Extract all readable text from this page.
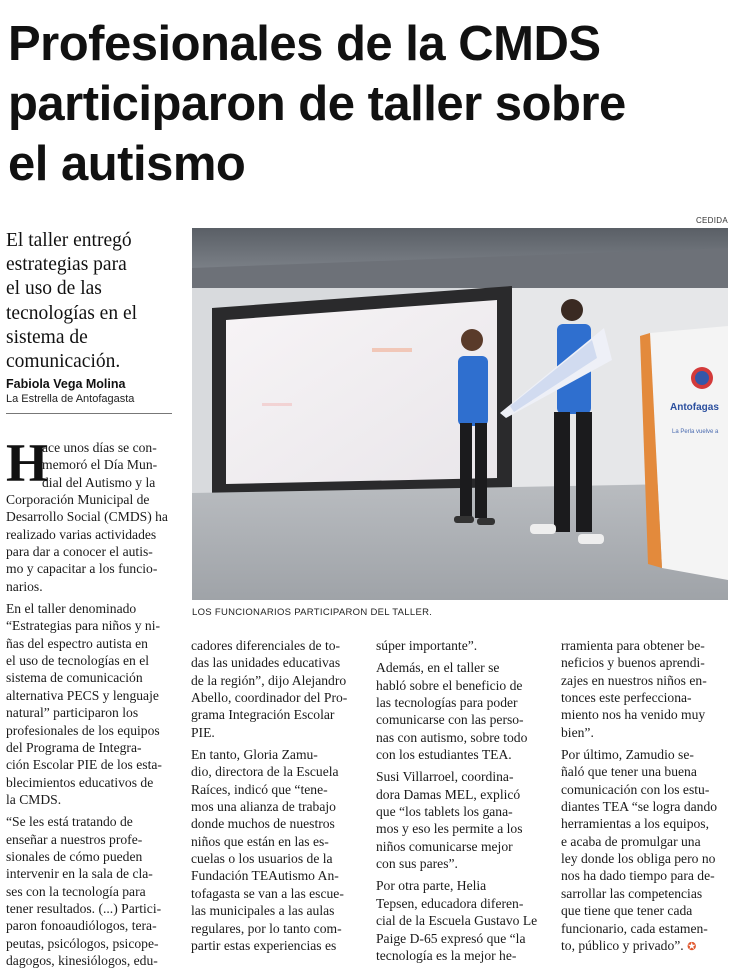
Profesionales de la CMDS
participaron de taller sobre
el autismo
CEDIDA
El taller entregó
estrategias para
el uso de las
tecnologías en el
sistema de
comunicación.
Fabiola Vega Molina
La Estrella de Antofagasta
Antofagas
La Perla vuelve a
LOS FUNCIONARIOS PARTICIPARON DEL TALLER.
H
ace unos días se con-
memoró el Día Mun-
dial del Autismo y la
Corporación Municipal de
Desarrollo Social (CMDS) ha
realizado varias actividades
para dar a conocer el autis-
mo y capacitar a los funcio-
narios.
En el taller denominado
“Estrategias para niños y ni-
ñas del espectro autista en
el uso de tecnologías en el
sistema de comunicación
alternativa PECS y lenguaje
natural” participaron los
profesionales de los equipos
del Programa de Integra-
ción Escolar PIE de los esta-
blecimientos educativos de
la CMDS.
“Se les está tratando de
enseñar a nuestros profe-
sionales de cómo pueden
intervenir en la sala de cla-
ses con la tecnología para
tener resultados. (...) Partici-
paron fonoaudiólogos, tera-
peutas, psicólogos, psicope-
dagogos, kinesiólogos, edu-
cadores diferenciales de to-
das las unidades educativas
de la región”, dijo Alejandro
Abello, coordinador del Pro-
grama Integración Escolar
PIE.
En tanto, Gloria Zamu-
dio, directora de la Escuela
Raíces, indicó que “tene-
mos una alianza de trabajo
donde muchos de nuestros
niños que están en las es-
cuelas o los usuarios de la
Fundación TEAutismo An-
tofagasta se van a las escue-
las municipales a las aulas
regulares, por lo tanto com-
partir estas experiencias es
súper importante”.
Además, en el taller se
habló sobre el beneficio de
las tecnologías para poder
comunicarse con las perso-
nas con autismo, sobre todo
con los estudiantes TEA.
Susi Villarroel, coordina-
dora Damas MEL, explicó
que “los tablets los gana-
mos y eso les permite a los
niños comunicarse mejor
con sus pares”.
Por otra parte, Helia
Tepsen, educadora diferen-
cial de la Escuela Gustavo Le
Paige D-65 expresó que “la
tecnología es la mejor he-
rramienta para obtener be-
neficios y buenos aprendi-
zajes en nuestros niños en-
tonces este perfecciona-
miento nos ha venido muy
bien”.
Por último, Zamudio se-
ñaló que tener una buena
comunicación con los estu-
diantes TEA “se logra dando
herramientas a los equipos,
e acaba de promulgar una
ley donde los obliga pero no
nos ha dado tiempo para de-
sarrollar las competencias
que tiene que tener cada
funcionario, cada estamen-
to, público y privado”. ✪
